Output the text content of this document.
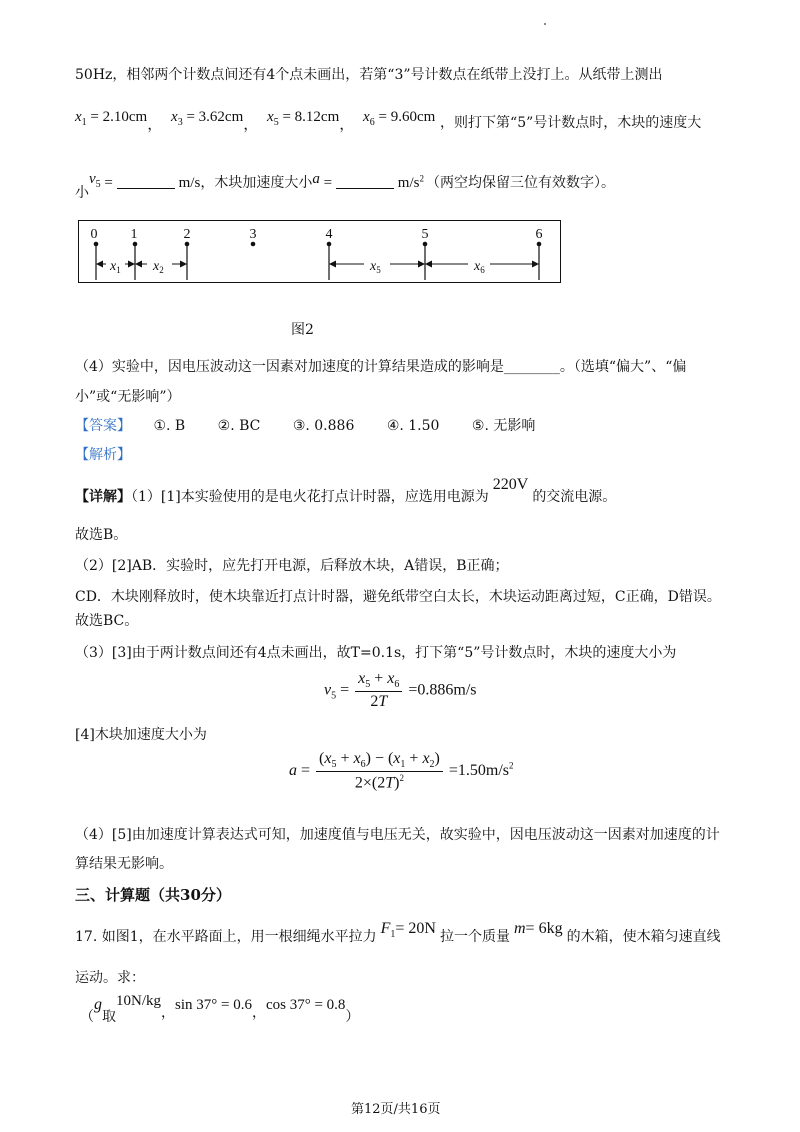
50Hz，相邻两个计数点间还有4个点未画出，若第“3”号计数点在纸带上没打上。从纸带上测出
$x_1 = 2.10cm$， $x_3 = 3.62cm$， $x_5 = 8.12cm$， $x_6 = 9.60cm$ ，则打下第“5”号计数点时，木块的速度大
小$v_5$ =	m/s，木块加速度大小a =	$m/s^2$ （两空均保留三位有效数字）。
0 1	2	3	4	5	6
$x_1$ $x_2$	$x_5$	$x_6$
图2
（4）实验中，因电压波动这一因素对加速度的计算结果造成的影响是________。（选填“偏大”、“偏
小”或“无影响”）
【答案】 ①. B ②. BC ③. 0.886 ④. 1.50 ⑤. 无影响
【解析】
【详解】（1）[1]本实验使用的是电火花打点计时器，应选用电源为220V的交流电源。
故选B。
（2）[2]AB．实验时，应先打开电源，后释放木块，A错误，B正确；
CD．木块刚释放时，使木块靠近打点计时器，避免纸带空白太长，木块运动距离过短，C正确，D错误。
故选BC。
（3）[3]由于两计数点间还有4点未画出，故T=0.1s，打下第“5”号计数点时，木块的速度大小为
$v_5 = \frac{x_5 + x_6}{2T} =0.886m/s$
[4]木块加速度大小为
$a = \frac{(x_5 + x_6) - (x_1 + x_2)}{2\times(2T)^2} =1.50m/s^2$
（4）[5]由加速度计算表达式可知，加速度值与电压无关，故实验中，因电压波动这一因素对加速度的计
算结果无影响。
三、计算题（共30分）
17. 如图1，在水平路面上，用一根细绳水平拉力 $F_1= 20N$ 拉一个质量 m= 6kg 的木箱，使木箱匀速直线
运动。求：
（g取10N/kg，sin 37° = 0.6，cos 37° = 0.8）
第12页/共16页
